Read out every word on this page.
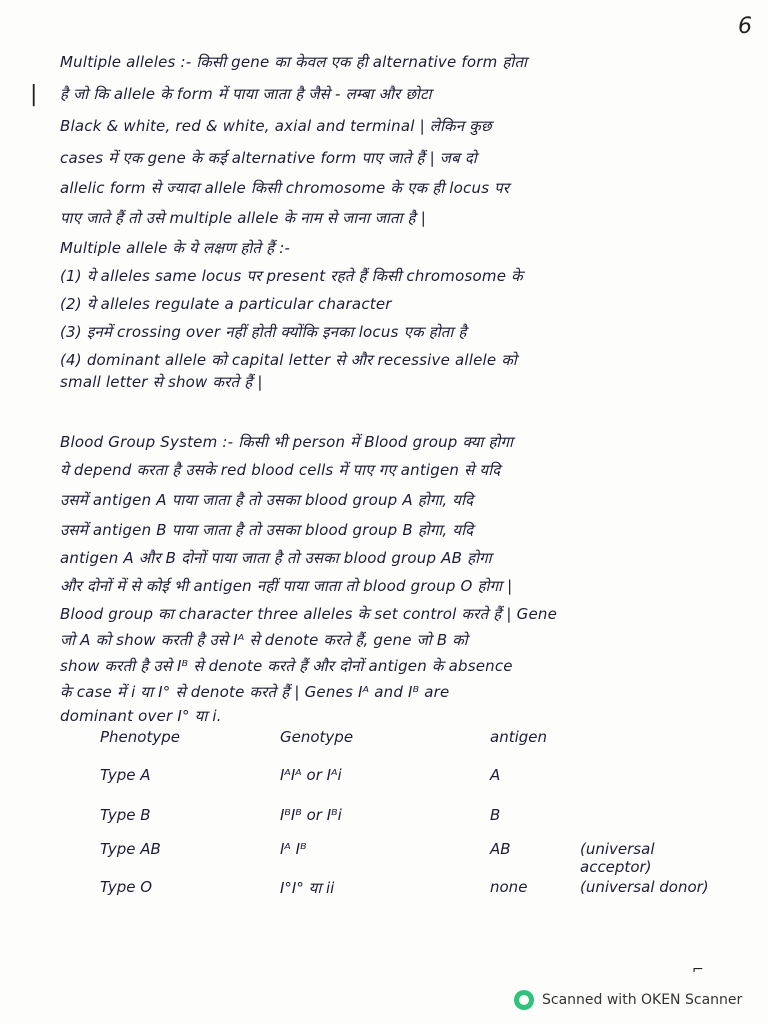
6
|
Multiple alleles :- किसी gene का केवल एक ही alternative form होता
है जो कि allele के form में पाया जाता है जैसे - लम्बा और छोटा
Black & white, red & white, axial and terminal | लेकिन कुछ
cases में एक gene के कई alternative form पाए जाते हैं | जब दो
allelic form से ज्यादा allele किसी chromosome के एक ही locus पर
पाए जाते हैं तो उसे multiple allele के नाम से जाना जाता है |
Multiple allele के ये लक्षण होते हैं :-
(1) ये alleles same locus पर present रहते हैं किसी chromosome के
(2) ये alleles regulate a particular character
(3) इनमें crossing over नहीं होती क्योंकि इनका locus एक होता है
(4) dominant allele को capital letter से और recessive allele को
small letter से show करते हैं |
Blood Group System :- किसी भी person में Blood group क्या होगा
ये depend करता है उसके red blood cells में पाए गए antigen से यदि
उसमें antigen A पाया जाता है तो उसका blood group A होगा, यदि
उसमें antigen B पाया जाता है तो उसका blood group B होगा, यदि
antigen A और B दोनों पाया जाता है तो उसका blood group AB होगा
और दोनों में से कोई भी antigen नहीं पाया जाता तो blood group O होगा |
Blood group का character three alleles के set control करते हैं | Gene
जो A को show करती है उसे Iᴬ से denote करते हैं, gene जो B को
show करती है उसे Iᴮ से denote करते हैं और दोनों antigen के absence
के case में i या I° से denote करते हैं | Genes Iᴬ and Iᴮ are
dominant over I° या i.
Phenotype	Genotype	antigen
Type A	IᴬIᴬ or Iᴬi	A
Type B	IᴮIᴮ or Iᴮi	B
Type AB	Iᴬ Iᴮ	AB	(universal acceptor)
Type O	I°I° या ii	none	(universal donor)
⌐
Scanned with OKEN Scanner
